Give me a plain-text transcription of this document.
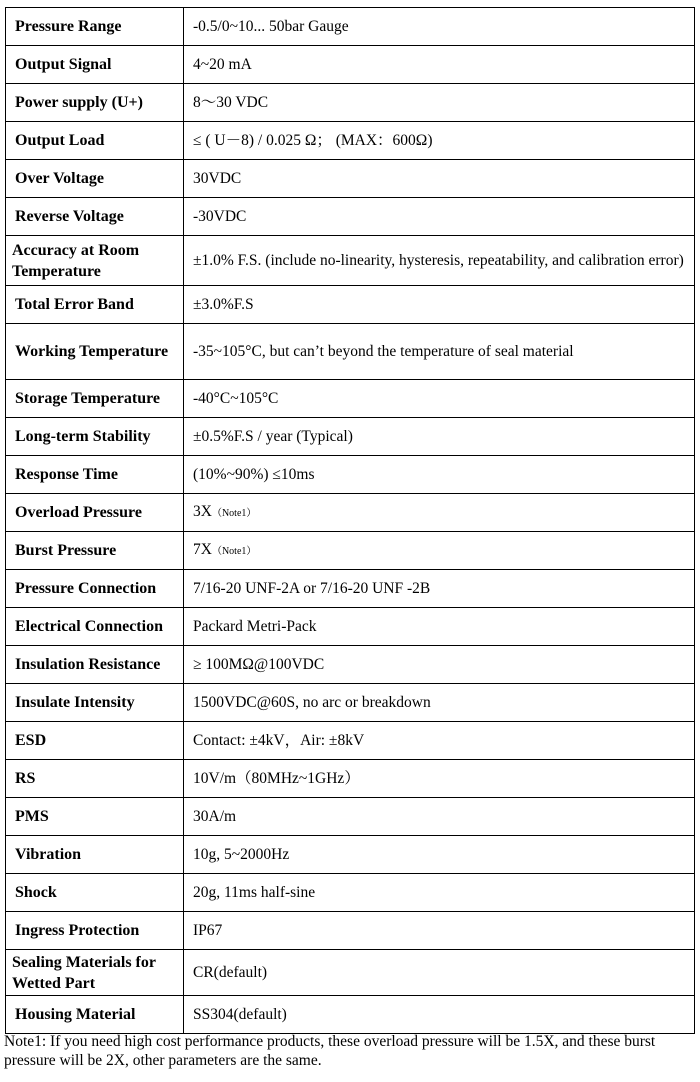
Pressure Range	-0.5/0~10... 50bar Gauge
Output Signal	4~20 mA
Power supply (U+)	8～30 VDC
Output Load	≤ ( U－8) / 0.025 Ω； (MAX：600Ω)
Over Voltage	30VDC
Reverse Voltage	-30VDC
Accuracy at Room Temperature	±1.0% F.S. (include no-linearity, hysteresis, repeatability, and calibration error)
Total Error Band	±3.0%F.S
Working Temperature	-35~105°C, but can’t beyond the temperature of seal material
Storage Temperature	-40°C~105°C
Long-term Stability	±0.5%F.S / year (Typical)
Response Time	(10%~90%) ≤10ms
Overload Pressure	3X（Note1）
Burst Pressure	7X（Note1）
Pressure Connection	7/16-20 UNF-2A or 7/16-20 UNF -2B
Electrical Connection	Packard Metri-Pack
Insulation Resistance	≥ 100MΩ@100VDC
Insulate Intensity	1500VDC@60S, no arc or breakdown
ESD	Contact: ±4kV，Air: ±8kV
RS	10V/m（80MHz~1GHz）
PMS	30A/m
Vibration	10g, 5~2000Hz
Shock	20g, 11ms half-sine
Ingress Protection	IP67
Sealing Materials for Wetted Part	CR(default)
Housing Material	SS304(default)
Note1: If you need high cost performance products, these overload pressure will be 1.5X, and these burst pressure will be 2X, other parameters are the same.
